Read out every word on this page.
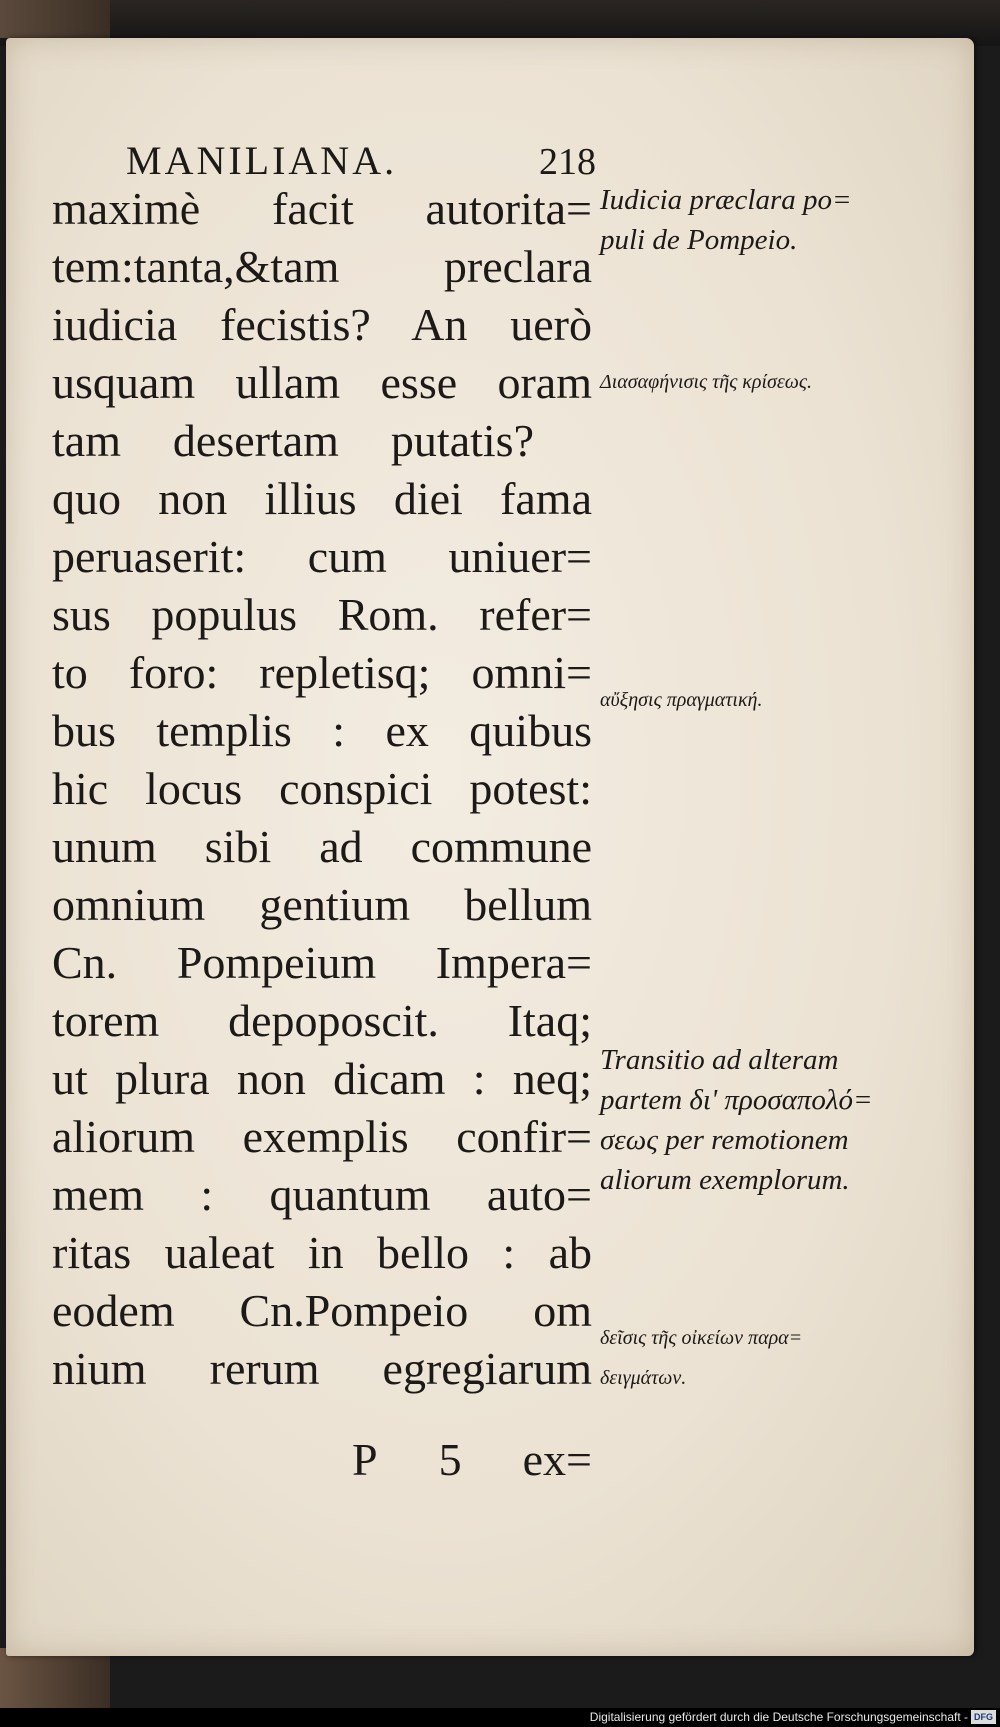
MANILIANA.	218
maximè facit autorita=
tem:tanta,&tam preclara
iudicia fecistis? An uerò
usquam ullam esse oram
tam desertam putatis?
quo non illius diei fama
peruaserit: cum uniuer=
sus populus Rom. refer=
to foro: repletisq; omni=
bus templis : ex quibus
hic locus conspici potest:
unum sibi ad commune
omnium gentium bellum
Cn. Pompeium Impera=
torem depoposcit. Itaq;
ut plura non dicam : neq;
aliorum exemplis confir=
mem : quantum auto=
ritas ualeat in bello : ab
eodem Cn.Pompeio om
nium rerum egregiarum
P 5 ex=
Iudicia præclara po=
puli de Pompeio.
Διασαφήνισις τῆς κρίσεως.
αὔξησις πραγματική.
Transitio ad alteram
partem δι' προσαπολό=
σεως per remotionem
aliorum exemplorum.
δεῖσις τῆς οἰκείων παρα=
δειγμάτων.
Digitalisierung gefördert durch die Deutsche Forschungsgemeinschaft - DFG
